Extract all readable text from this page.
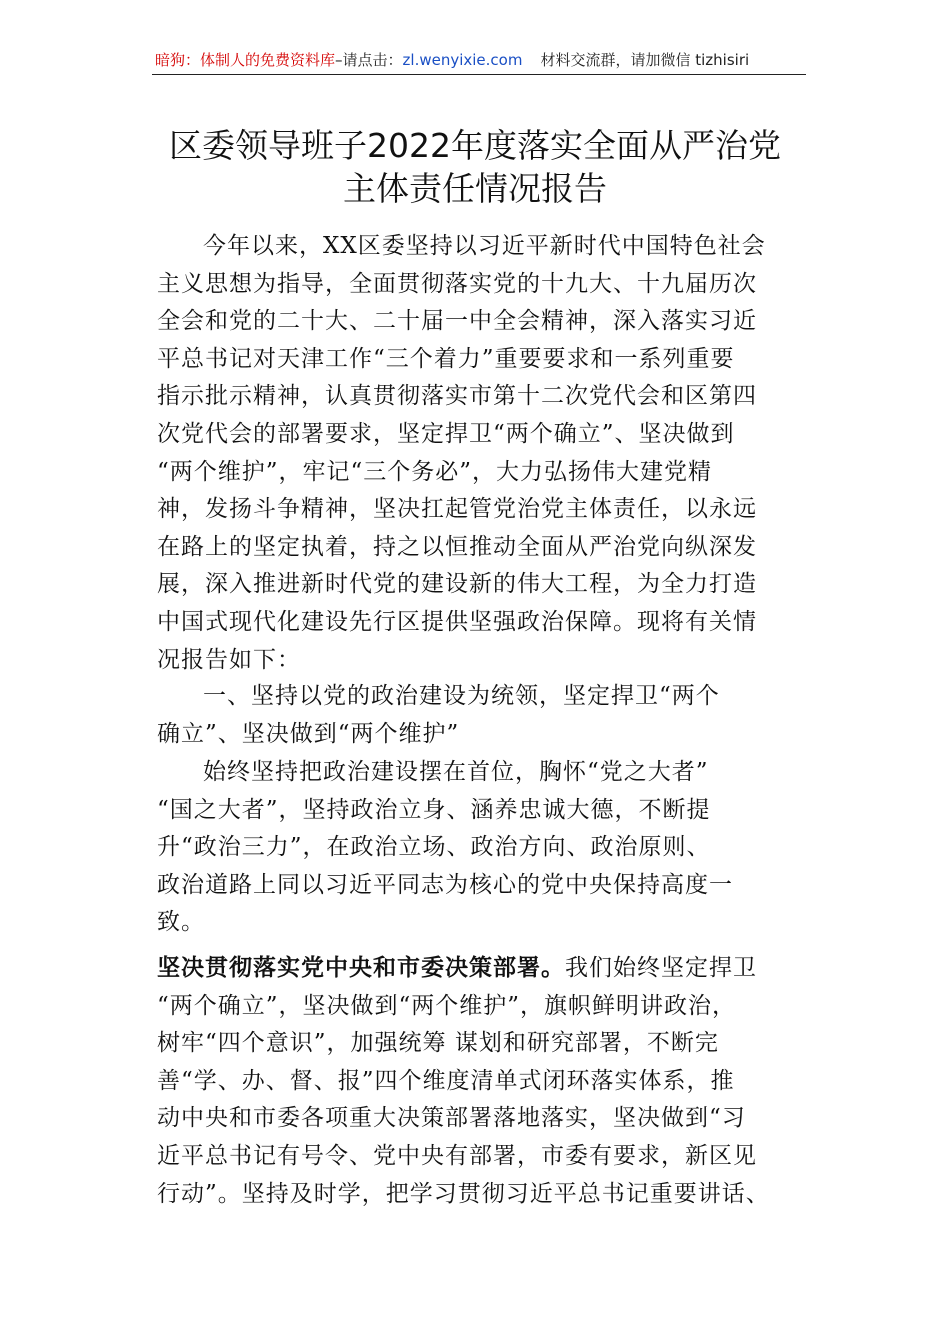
暗狗：体制人的免费资料库–请点击：zl.wenyixie.com 材料交流群，请加微信 tizhisiri
区委领导班子2022年度落实全面从严治党
主体责任情况报告
今年以来，XX区委坚持以习近平新时代中国特色社会
主义思想为指导，全面贯彻落实党的十九大、十九届历次
全会和党的二十大、二十届一中全会精神，深入落实习近
平总书记对天津工作“三个着力”重要要求和一系列重要
指示批示精神，认真贯彻落实市第十二次党代会和区第四
次党代会的部署要求，坚定捍卫“两个确立”、坚决做到
“两个维护”，牢记“三个务必”，大力弘扬伟大建党精
神，发扬斗争精神，坚决扛起管党治党主体责任，以永远
在路上的坚定执着，持之以恒推动全面从严治党向纵深发
展，深入推进新时代党的建设新的伟大工程，为全力打造
中国式现代化建设先行区提供坚强政治保障。现将有关情
况报告如下：
一、坚持以党的政治建设为统领，坚定捍卫“两个
确立”、坚决做到“两个维护”
始终坚持把政治建设摆在首位，胸怀“党之大者”
“国之大者”，坚持政治立身、涵养忠诚大德，不断提
升“政治三力”，在政治立场、政治方向、政治原则、
政治道路上同以习近平同志为核心的党中央保持高度一
致。
坚决贯彻落实党中央和市委决策部署。我们始终坚定捍卫
“两个确立”，坚决做到“两个维护”，旗帜鲜明讲政治，
树牢“四个意识”，加强统筹 谋划和研究部署，不断完
善“学、办、督、报”四个维度清单式闭环落实体系，推
动中央和市委各项重大决策部署落地落实，坚决做到“习
近平总书记有号令、党中央有部署，市委有要求，新区见
行动”。坚持及时学，把学习贯彻习近平总书记重要讲话、
